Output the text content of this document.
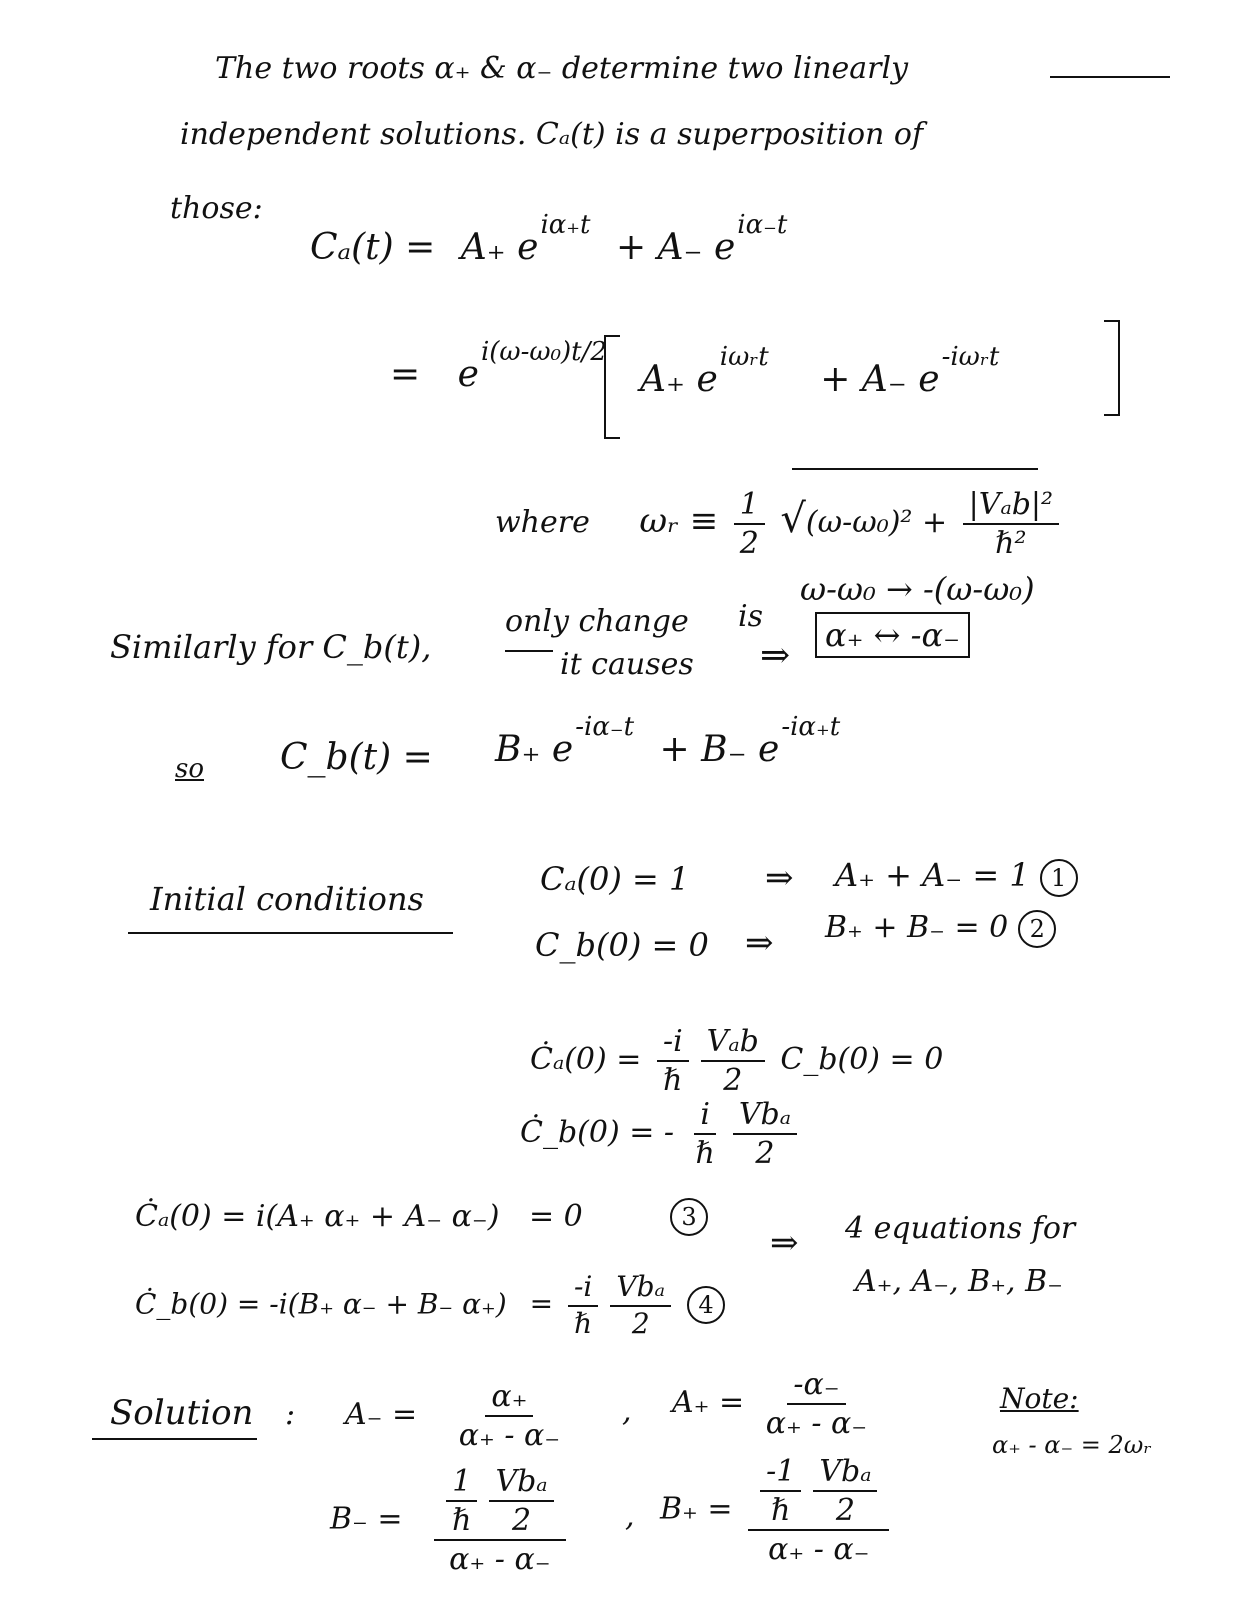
The two roots α₊ & α₋ determine two linearly
independent solutions. Cₐ(t) is a superposition of
those:
Cₐ(t) = A₊ $e^{i\alpha_+t} + A_-$ $e^{i\alpha_-t}$
= $e^{i(\omega-\omega_0)t/2}$
A₊ $e^{i\omega ᵣt} + A_-$ $e^{-i\omega ᵣt}$
where ωᵣ ≡ $\frac{1}{2} √(\omega-\omega_0)^2 + \frac{\text{|Vₐb|²}}{\text{ℏ²}}$
Similarly for C_b(t),
only change is
ω-ω₀ → -(ω-ω₀)
it causes ⇒	α₊ ↔ -α₋
so C_b(t) = B₊ $e^{-i\alpha_-t} + B_-$ $e^{-i\alpha_+t}$
Initial conditions
Cₐ(0) = 1 ⇒ A₊ + A₋ = 1 1
C_b(0) = 0 ⇒ B₊ + B₋ = 0 2
Ċₐ(0) = $\frac{-i}{\text{ℏ}} \frac{\text{Vₐb}}{2}$ C_b(0) = 0
Ċ_b(0) = - $\frac{i}{\text{ℏ}} \frac{\text{Vbₐ}}{2}$
Ċₐ(0) = i(A₊ α₊ + A₋ α₋) = 0	3
Ċ_b(0) = -i(B₊ α₋ + B₋ $\alpha_+) = \frac{-i}{\text{ℏ}} \frac{\text{Vbₐ}}{2} 4$
⇒ 4 equations for
A₊, A₋, B₊, B₋
Solution : $A_- = \frac{\alpha_+}{\alpha_+ - \alpha_-}$ , $A_+ = \frac{-\alpha_-}{\alpha_+ - \alpha_-}$	Note:
α₊ - α₋ = 2ωᵣ
$B_- = \frac{\frac{1}{\text{ℏ}} \frac{\text{Vbₐ}}{2}}{\alpha_+ - \alpha_-}$ , $B_+ = \frac{\frac{-1}{\text{ℏ}} \frac{\text{Vbₐ}}{2}}{\alpha_+ - \alpha_-}$
